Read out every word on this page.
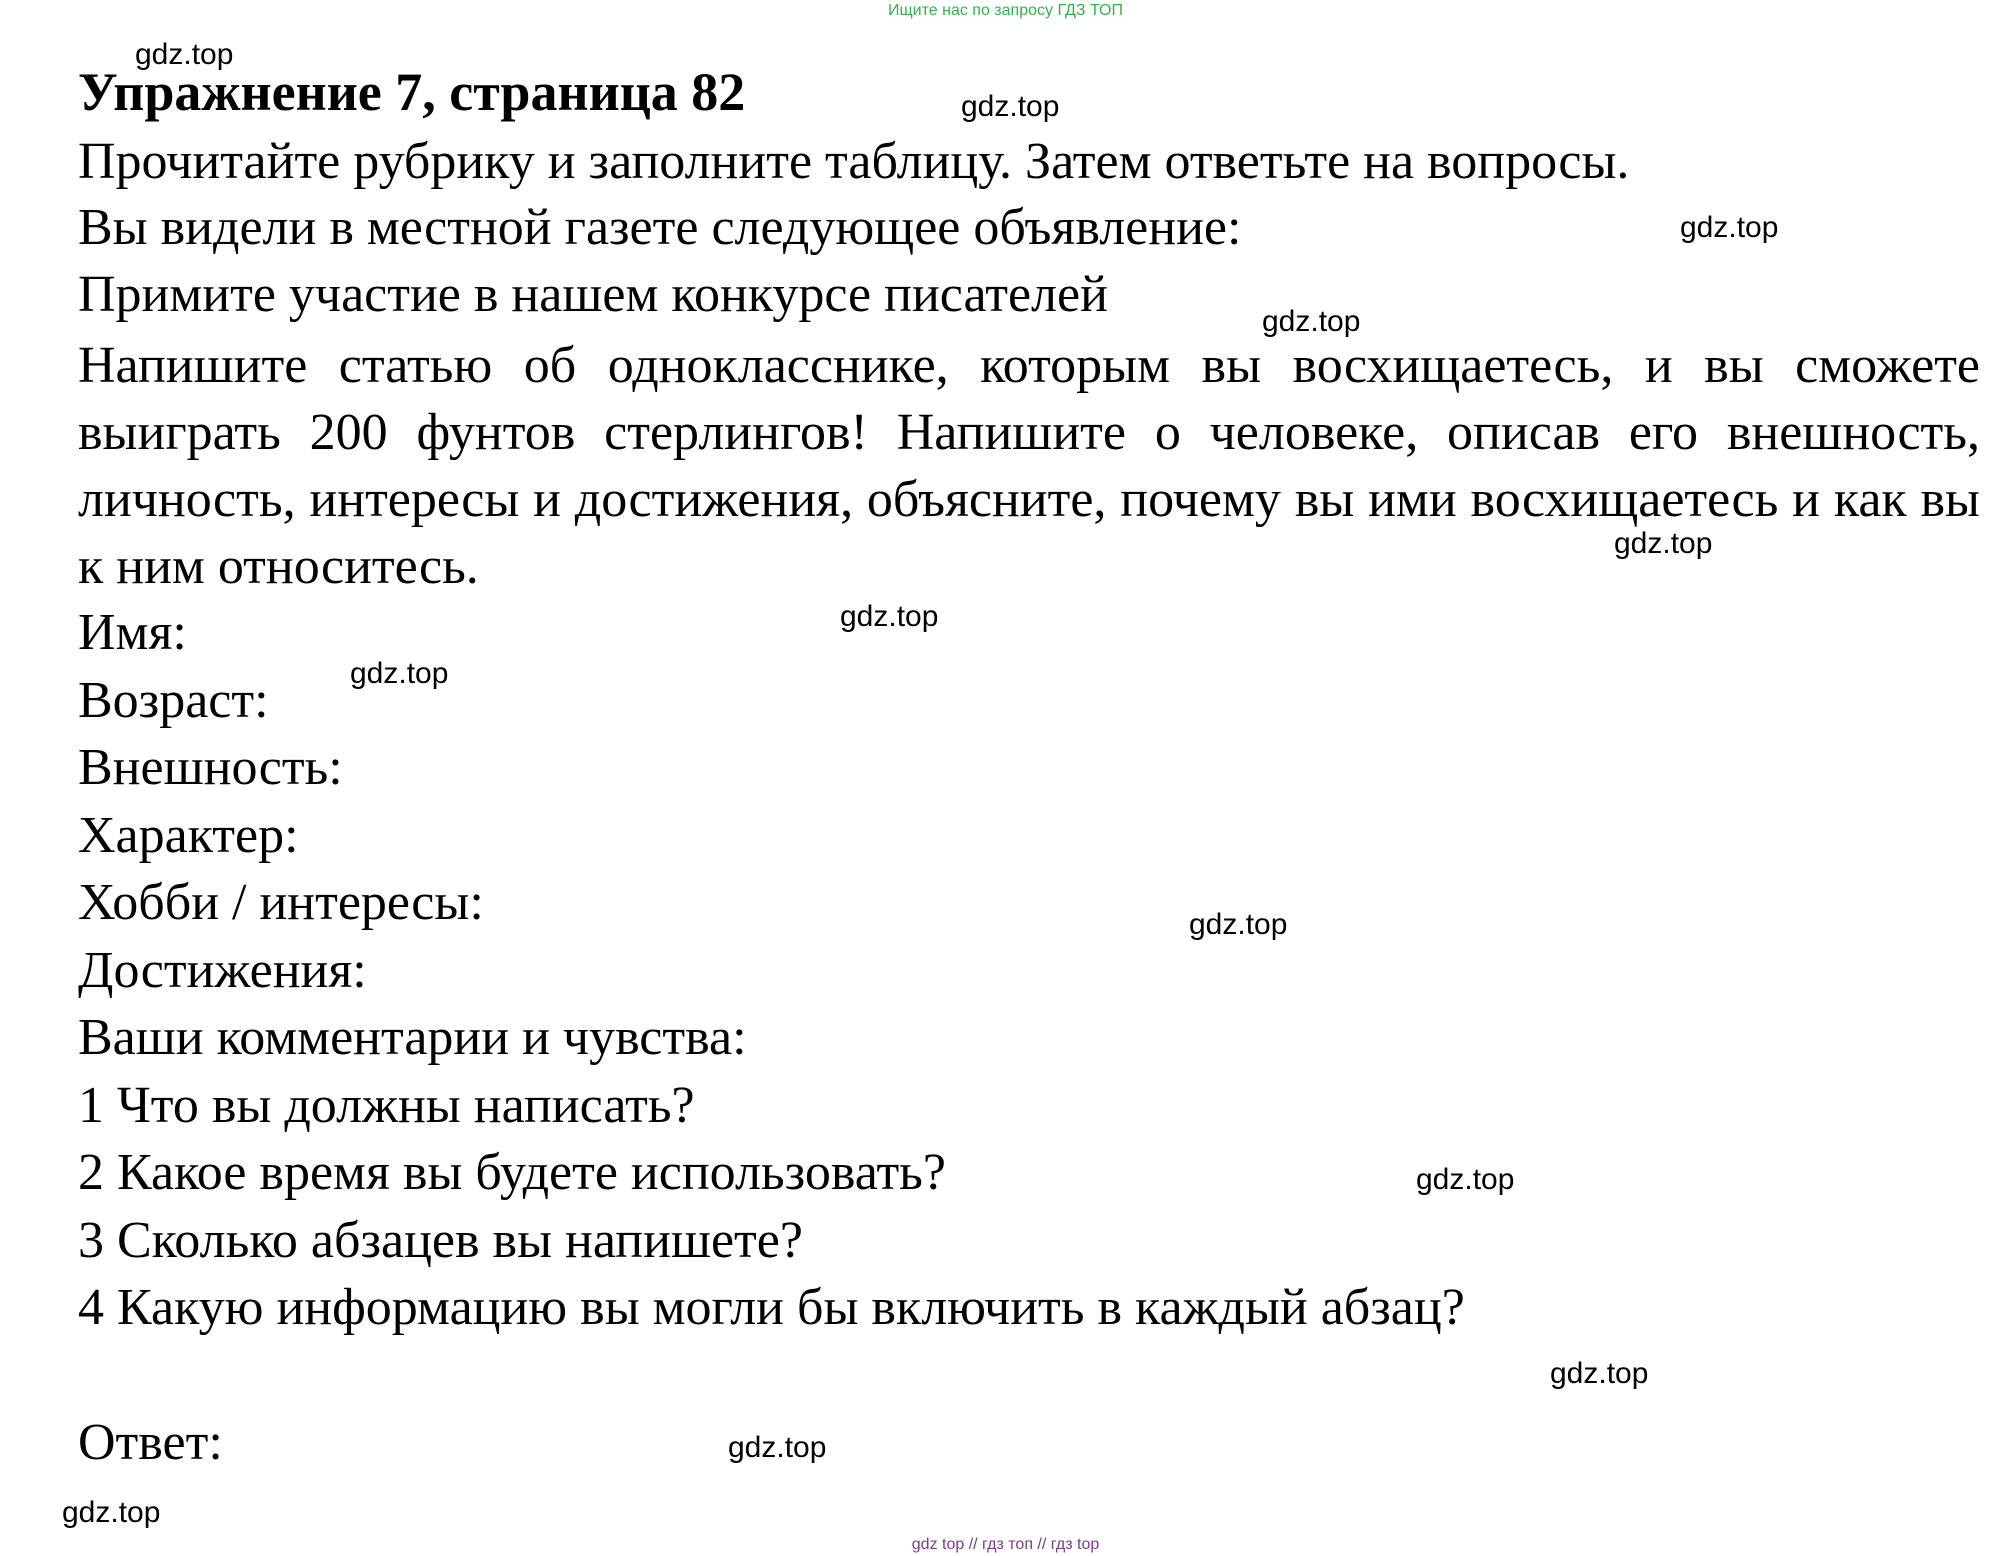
Ищите нас по запросу ГДЗ ТОП
Упражнение 7, страница 82
Прочитайте рубрику и заполните таблицу. Затем ответьте на вопросы.
Вы видели в местной газете следующее объявление:
Примите участие в нашем конкурсе писателей
Напишите статью об однокласснике, которым вы восхищаетесь, и вы сможете выиграть 200 фунтов стерлингов! Напишите о человеке, описав его внешность, личность, интересы и достижения, объясните, почему вы ими восхищаетесь и как вы к ним относитесь.
Имя:
Возраст:
Внешность:
Характер:
Хобби / интересы:
Достижения:
Ваши комментарии и чувства:
1 Что вы должны написать?
2 Какое время вы будете использовать?
3 Сколько абзацев вы напишете?
4 Какую информацию вы могли бы включить в каждый абзац?
Ответ:
gdz.top
gdz.top
gdz.top
gdz.top
gdz.top
gdz.top
gdz.top
gdz.top
gdz.top
gdz.top
gdz.top
gdz.top
gdz top // гдз топ // гдз top
